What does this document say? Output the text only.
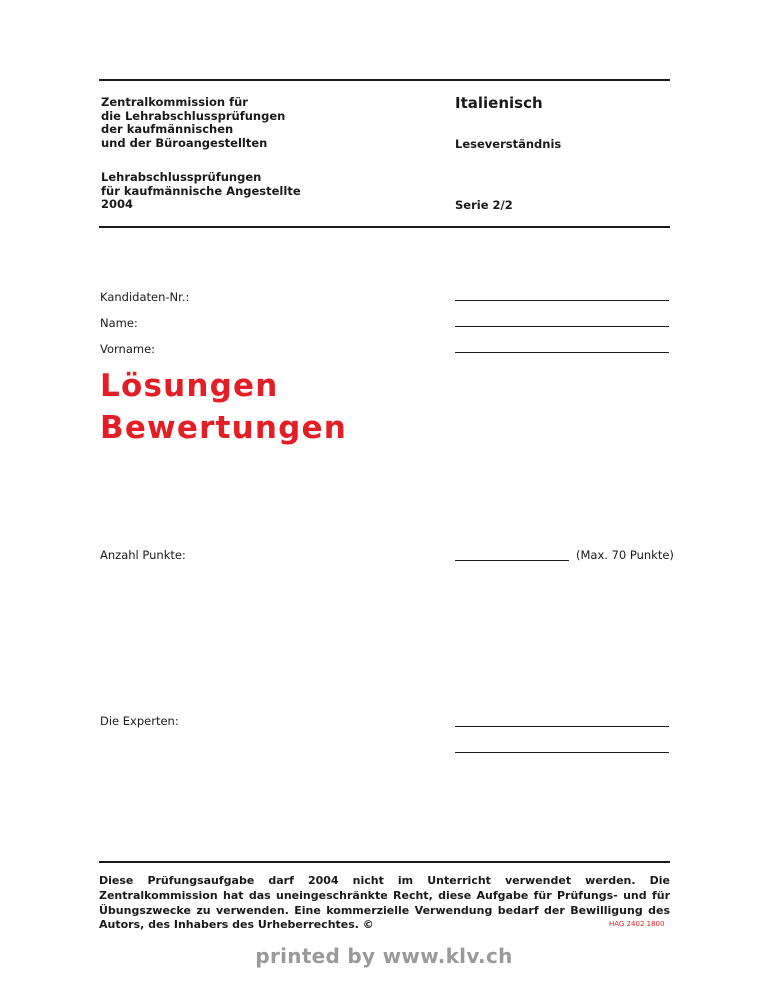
Zentralkommission für
die Lehrabschlussprüfungen
der kaufmännischen
und der Büroangestellten
Lehrabschlussprüfungen
für kaufmännische Angestellte
2004
Italienisch
Leseverständnis
Serie 2/2
Kandidaten-Nr.:
Name:
Vorname:
Lösungen
Bewertungen
Anzahl Punkte:	(Max. 70 Punkte)
Die Experten:
Diese Prüfungsaufgabe darf 2004 nicht im Unterricht verwendet werden. Die Zentralkommission hat das uneingeschränkte Recht, diese Aufgabe für Prüfungs- und für Übungszwecke zu verwenden. Eine kommerzielle Verwendung bedarf der Bewilligung des Autors, des Inhabers des Urheberrechtes. ©	HAG 2402 1800
printed by www.klv.ch
